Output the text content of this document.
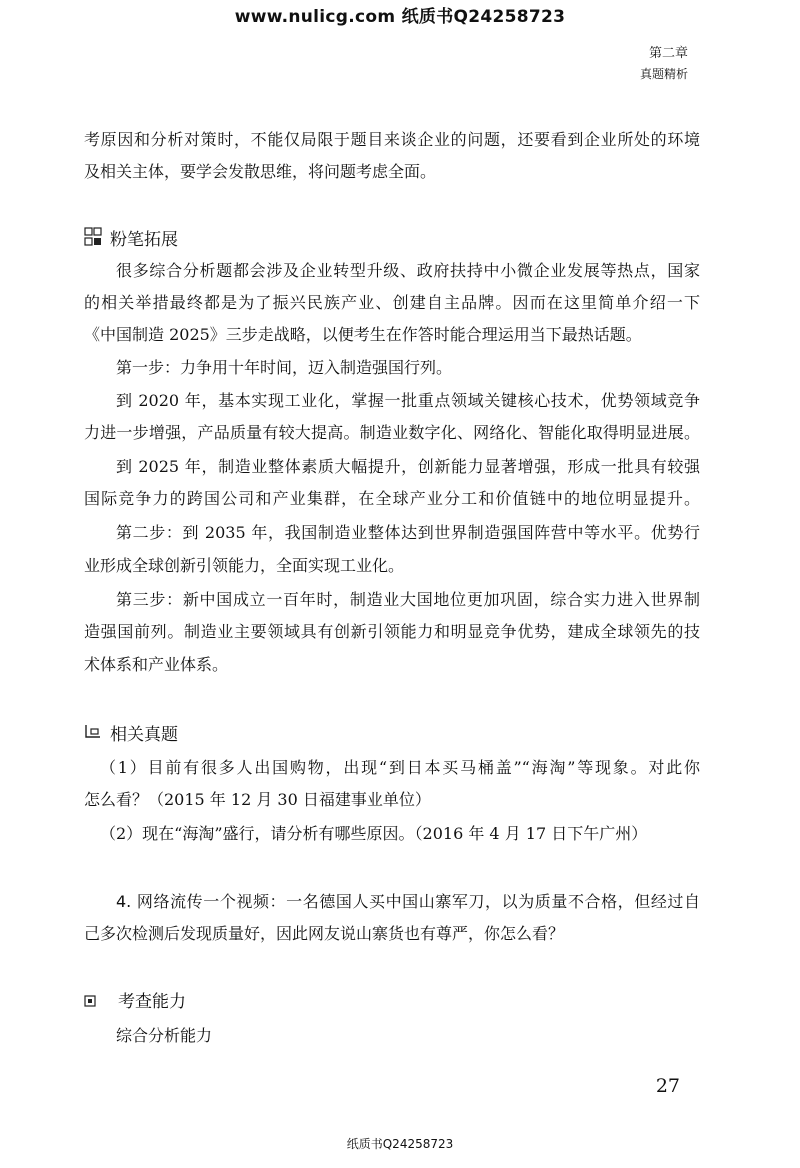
www.nulicg.com 纸质书Q24258723
第二章
真题精析
考原因和分析对策时，不能仅局限于题目来谈企业的问题，还要看到企业所处的环境
及相关主体，要学会发散思维，将问题考虑全面。
粉笔拓展
很多综合分析题都会涉及企业转型升级、政府扶持中小微企业发展等热点，国家
的相关举措最终都是为了振兴民族产业、创建自主品牌。因而在这里简单介绍一下
《中国制造 2025》三步走战略，以便考生在作答时能合理运用当下最热话题。
第一步：力争用十年时间，迈入制造强国行列。
到 2020 年，基本实现工业化，掌握一批重点领域关键核心技术，优势领域竞争
力进一步增强，产品质量有较大提高。制造业数字化、网络化、智能化取得明显进展。
到 2025 年，制造业整体素质大幅提升，创新能力显著增强，形成一批具有较强
国际竞争力的跨国公司和产业集群，在全球产业分工和价值链中的地位明显提升。
第二步：到 2035 年，我国制造业整体达到世界制造强国阵营中等水平。优势行
业形成全球创新引领能力，全面实现工业化。
第三步：新中国成立一百年时，制造业大国地位更加巩固，综合实力进入世界制
造强国前列。制造业主要领域具有创新引领能力和明显竞争优势，建成全球领先的技
术体系和产业体系。
相关真题
（1）目前有很多人出国购物，出现“到日本买马桶盖”“海淘”等现象。对此你
怎么看？（2015 年 12 月 30 日福建事业单位）
（2）现在“海淘”盛行，请分析有哪些原因。（2016 年 4 月 17 日下午广州）
4. 网络流传一个视频：一名德国人买中国山寨军刀，以为质量不合格，但经过自
己多次检测后发现质量好，因此网友说山寨货也有尊严，你怎么看？
考查能力
综合分析能力
27
纸质书Q24258723
